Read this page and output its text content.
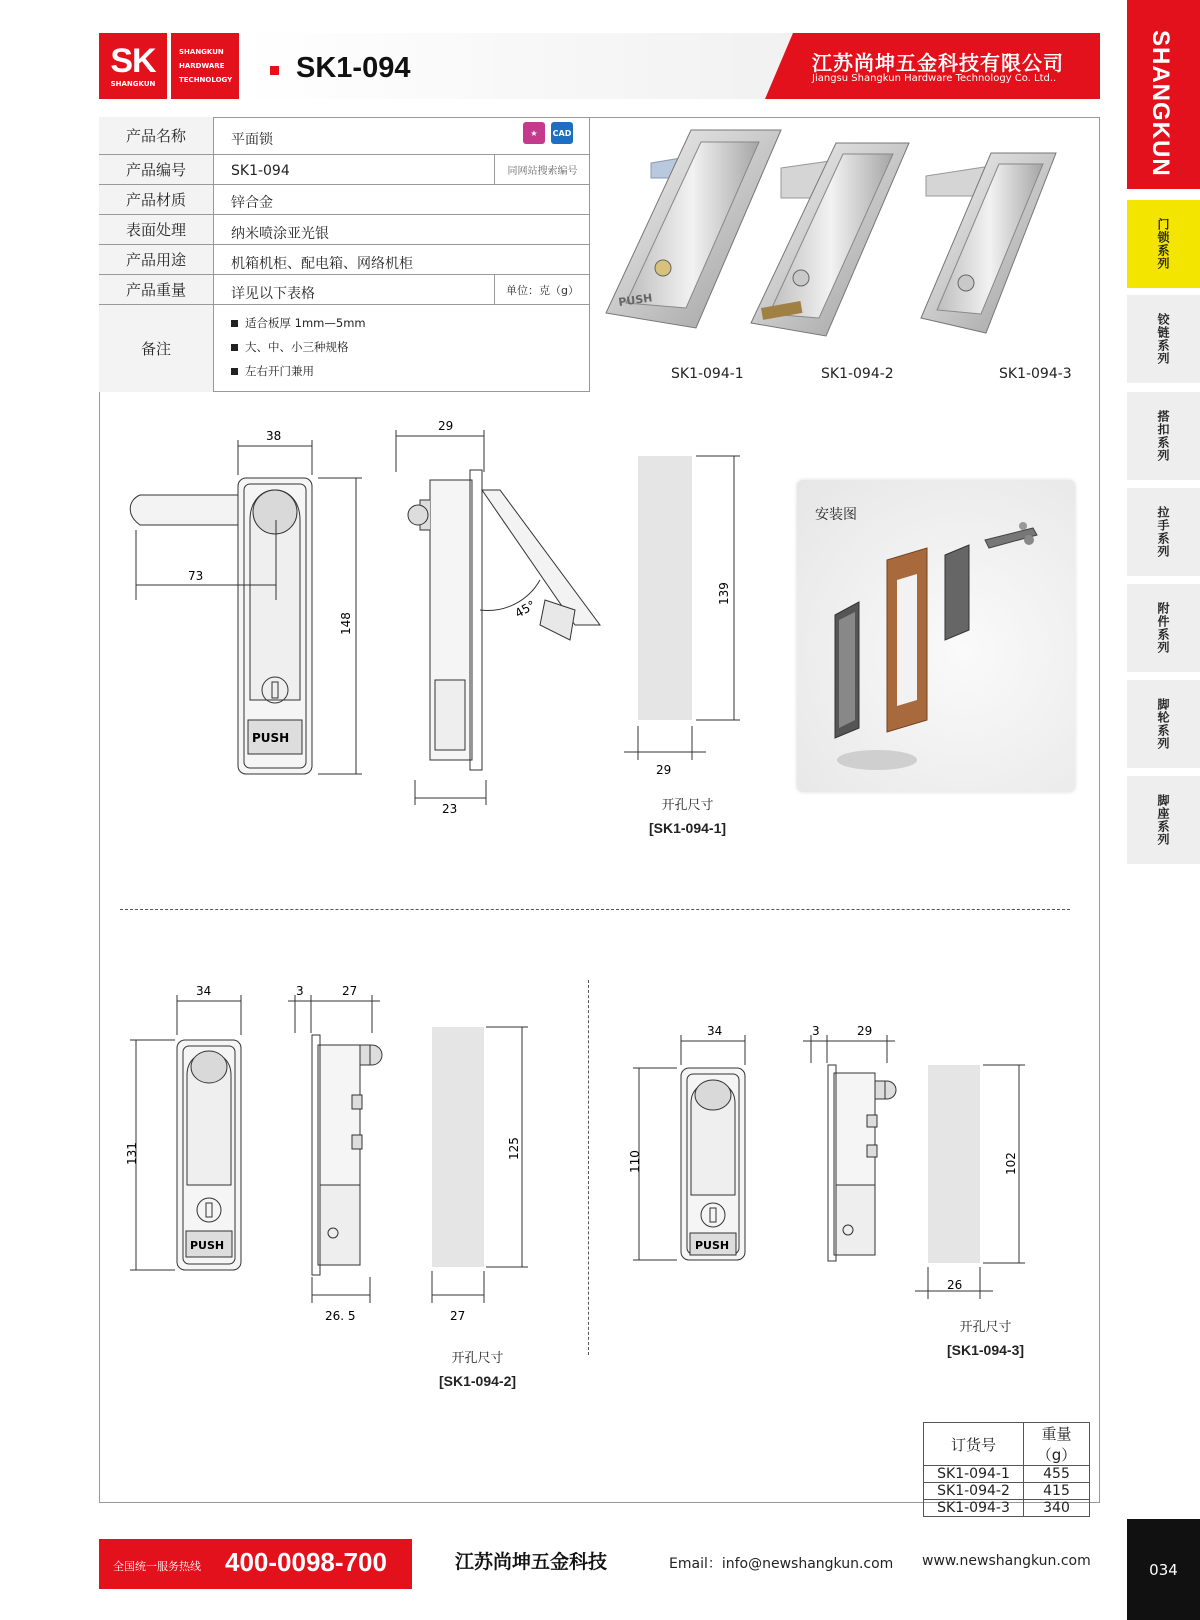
SK
SHANGKUN
SHANGKUN
HARDWARE
TECHNOLOGY SK1-094	江苏尚坤五金科技有限公司
Jiangsu Shangkun Hardware Technology Co. Ltd..	SHANGKUN
门锁系列
铰链系列
搭扣系列
拉手系列
附件系列
脚轮系列
脚座系列
034
产品名称	平面锁	★	CAD
产品编号	SK1-094	同网站搜索编号
产品材质	锌合金
表面处理	纳米喷涂亚光银
产品用途	机箱机柜、配电箱、网络机柜
产品重量	详见以下表格	单位：克（g）
备注
适合板厚 1mm—5mm
大、中、小三种规格
左右开门兼用
PUSH
SK1-094-1	SK1-094-2	SK1-094-3
38
73
148
PUSH
29
23
45°
139
29
开孔尺寸
[SK1-094-1]
安装图
34
131
PUSH
3	27
26. 5
125
27
开孔尺寸
[SK1-094-2]
34
110
PUSH
3	29
102
26
开孔尺寸
[SK1-094-3]
订货号	重量（g）
SK1-094-1	455
SK1-094-2	415
SK1-094-3	340
全国统一服务热线 400-0098-700	江苏尚坤五金科技	Email：info@newshangkun.com www.newshangkun.com
